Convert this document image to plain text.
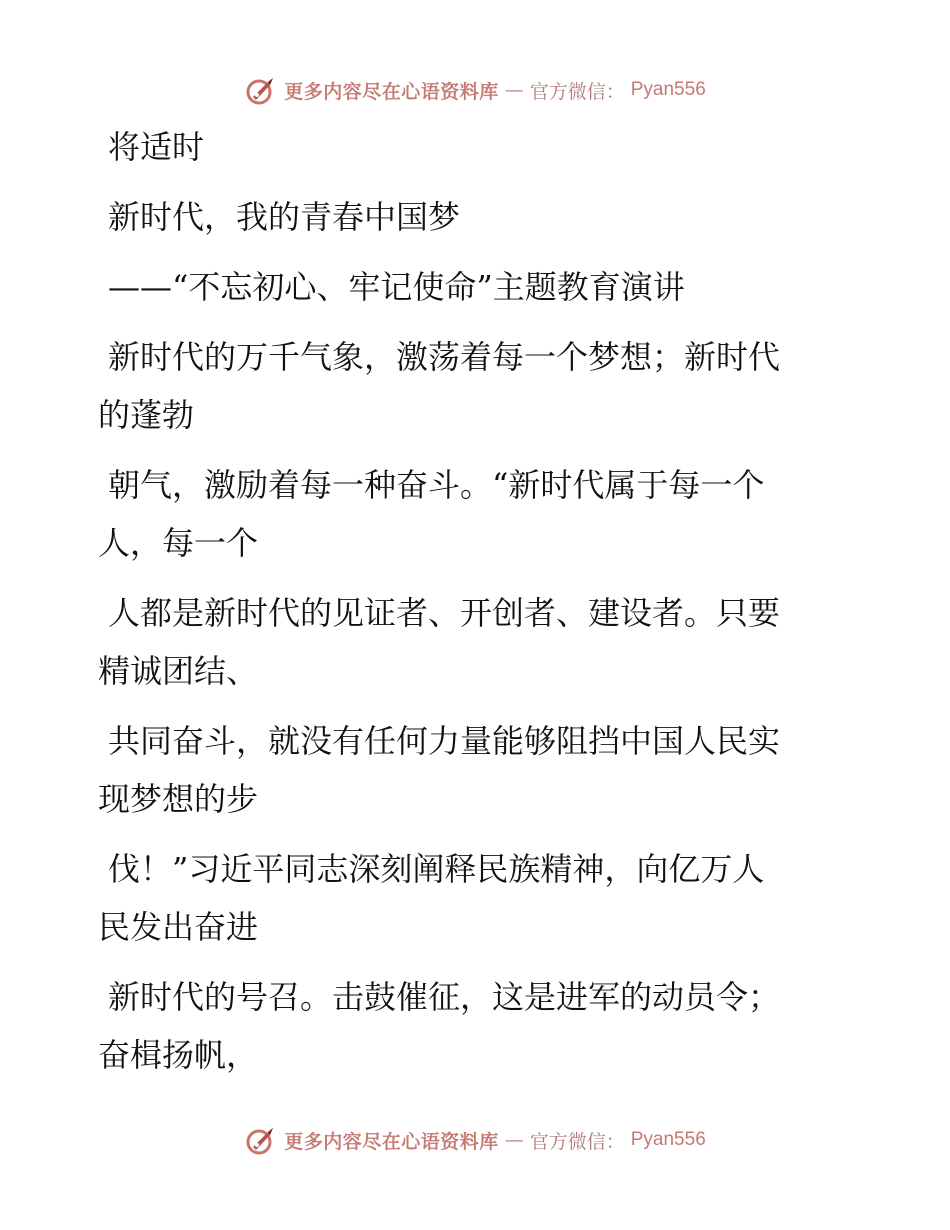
更多内容尽在心语资料库 — 官方微信： Pyan556

将适时

新时代，我的青春中国梦

——“不忘初心、牢记使命”主题教育演讲

新时代的万千气象，激荡着每一个梦想；新时代
的蓬勃

朝气，激励着每一种奋斗。“新时代属于每一个
人，每一个

人都是新时代的见证者、开创者、建设者。只要
精诚团结、

共同奋斗，就没有任何力量能够阻挡中国人民实
现梦想的步

伐！”习近平同志深刻阐释民族精神，向亿万人
民发出奋进

新时代的号召。击鼓催征，这是进军的动员令；
奋楫扬帆，

更多内容尽在心语资料库 — 官方微信： Pyan556
